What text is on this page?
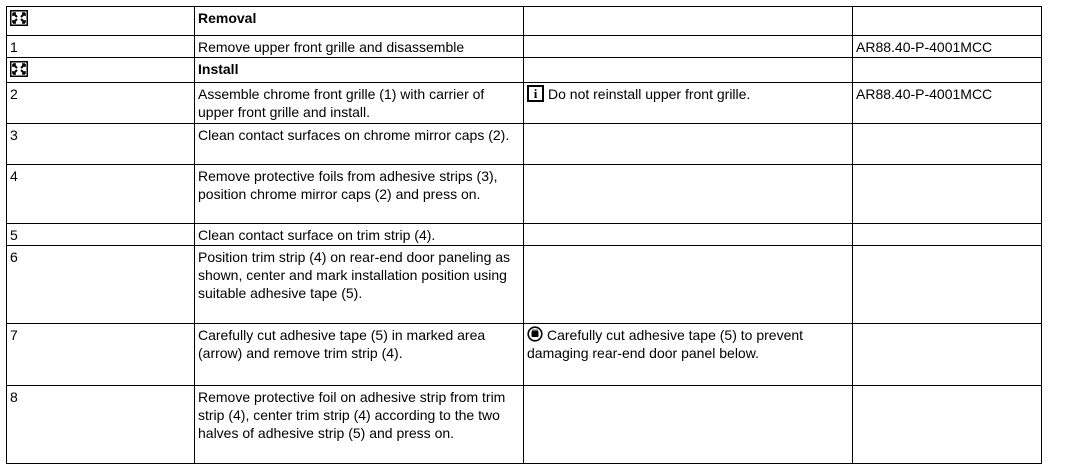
	Removal		
1	Remove upper front grille and disassemble		AR88.40-P-4001MCC
	Install		
2	Assemble chrome front grille (1) with carrier of upper front grille and install.	i Do not reinstall upper front grille.	AR88.40-P-4001MCC
3	Clean contact surfaces on chrome mirror caps (2).		
4	Remove protective foils from adhesive strips (3), position chrome mirror caps (2) and press on.		
5	Clean contact surface on trim strip (4).		
6	Position trim strip (4) on rear-end door paneling as shown, center and mark installation position using suitable adhesive tape (5).		
7	Carefully cut adhesive tape (5) in marked area (arrow) and remove trim strip (4).	Carefully cut adhesive tape (5) to prevent damaging rear-end door panel below.	
8	Remove protective foil on adhesive strip from trim strip (4), center trim strip (4) according to the two halves of adhesive strip (5) and press on.		
